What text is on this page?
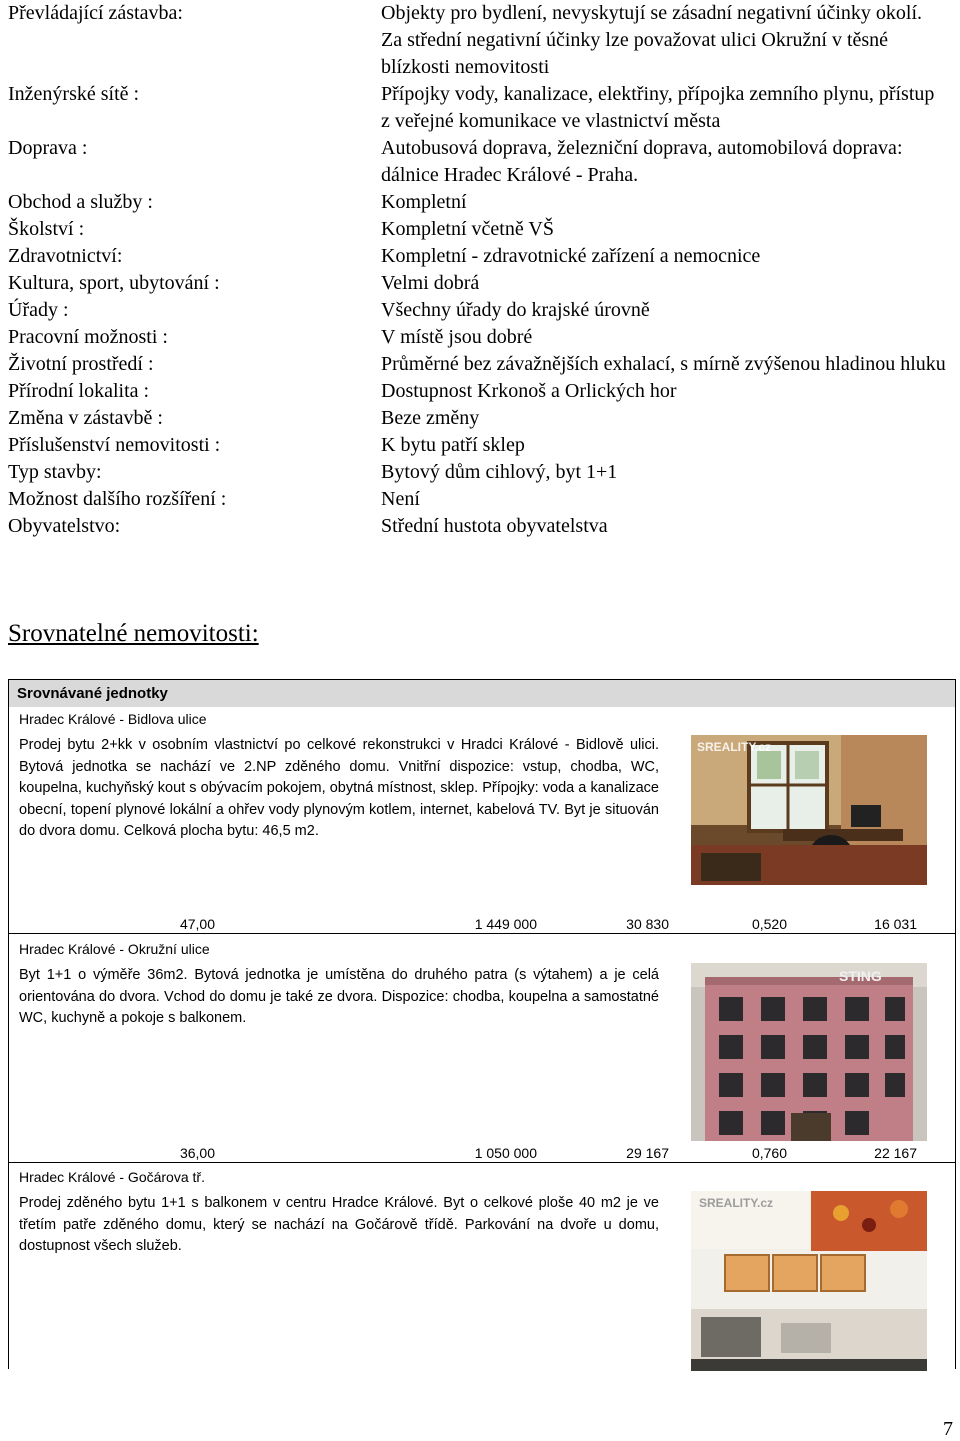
Převládající zástavba:	Objekty pro bydlení, nevyskytují se zásadní negativní účinky okolí. Za střední negativní účinky lze považovat ulici Okružní v těsné blízkosti nemovitosti
Inženýrské sítě :	Přípojky vody, kanalizace, elektřiny, přípojka zemního plynu, přístup z veřejné komunikace ve vlastnictví města
Doprava :	Autobusová doprava, železniční doprava, automobilová doprava: dálnice Hradec Králové - Praha.
Obchod a služby :	Kompletní
Školství :	Kompletní včetně VŠ
Zdravotnictví:	Kompletní - zdravotnické zařízení a nemocnice
Kultura, sport, ubytování :	Velmi dobrá
Úřady :	Všechny úřady do krajské úrovně
Pracovní možnosti :	V místě jsou dobré
Životní prostředí :	Průměrné bez závažnějších exhalací, s mírně zvýšenou hladinou hluku
Přírodní lokalita :	Dostupnost Krkonoš a Orlických hor
Změna v zástavbě :	Beze změny
Příslušenství nemovitosti :	K bytu patří sklep
Typ stavby:	Bytový dům cihlový, byt 1+1
Možnost dalšího rozšíření :	Není
Obyvatelstvo:	Střední hustota obyvatelstva
Srovnatelné nemovitosti:
Srovnávané jednotky
Hradec Králové - Bidlova ulice
Prodej bytu 2+kk v osobním vlastnictví po celkové rekonstrukci v Hradci Králové - Bidlově ulici. Bytová jednotka se nachází ve 2.NP zděného domu. Vnitřní dispozice: vstup, chodba, WC, koupelna, kuchyňský kout s obývacím pokojem, obytná místnost, sklep. Přípojky: voda a kanalizace obecní, topení plynové lokální a ohřev vody plynovým kotlem, internet, kabelová TV. Byt je situován do dvora domu. Celková plocha bytu: 46,5 m2.
SREALITY.cz
47,00	1 449 000	30 830	0,520	16 031
Hradec Králové - Okružní ulice
Byt 1+1 o výměře 36m2. Bytová jednotka je umístěna do druhého patra (s výtahem) a je celá orientována do dvora. Vchod do domu je také ze dvora. Dispozice: chodba, koupelna a samostatné WC, kuchyně a pokoje s balkonem.
STING
36,00	1 050 000	29 167	0,760	22 167
Hradec Králové - Gočárova tř.
Prodej zděného bytu 1+1 s balkonem v centru Hradce Králové. Byt o celkové ploše 40 m2 je ve třetím patře zděného domu, který se nachází na Gočárově třídě. Parkování na dvoře u domu, dostupnost všech služeb.
SREALITY.cz
7
